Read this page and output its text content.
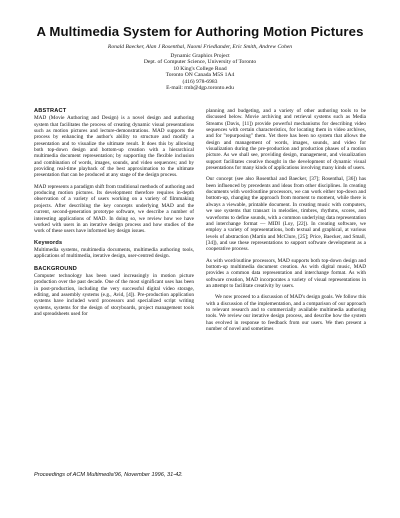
A Multimedia System for Authoring Motion Pictures
Ronald Baecker, Alan J Rosenthal, Naomi Friedlander, Eric Smith, Andrew Cohen
Dynamic Graphics Project
Dept. of Computer Science, University of Toronto
10 King's College Road
Toronto ON Canada M5S 1A4
(416) 978-6983
E-mail: rmb@dgp.toronto.edu
ABSTRACT
MAD (Movie Authoring and Design) is a novel design and authoring system that facilitates the process of creating dynamic visual presentations such as motion pictures and lecture-demonstrations. MAD supports the process by enhancing the author's ability to structure and modify a presentation and to visualize the ultimate result. It does this by allowing both top-down design and bottom-up creation with a hierarchical multimedia document representation; by supporting the flexible inclusion and combination of words, images, sounds, and video sequences; and by providing real-time playback of the best approximation to the ultimate presentation that can be produced at any stage of the design process.
MAD represents a paradigm shift from traditional methods of authoring and producing motion pictures. Its development therefore requires in-depth observation of a variety of users working on a variety of filmmaking projects. After describing the key concepts underlying MAD and the current, second-generation prototype software, we describe a number of interesting applications of MAD. In doing so, we review how we have worked with users in an iterative design process and how studies of the work of these users have informed key design issues.
Keywords
Multimedia systems, multimedia documents, multimedia authoring tools, applications of multimedia, iterative design, user-centred design.
BACKGROUND
Computer technology has been used increasingly in motion picture production over the past decade. One of the most significant uses has been in post-production, including the very successful digital video storage, editing, and assembly systems (e.g., Avid, [4]). Pre-production application systems have included word processors and specialized script writing systems, systems for the design of storyboards, project management tools and spreadsheets used for
planning and budgeting, and a variety of other authoring tools to be discussed below. Movie archiving and retrieval systems such as Media Streams (Davis, [11]) provide powerful mechanisms for describing video sequences with certain characteristics, for locating them in video archives, and for "repurposing" them. Yet there has been no system that allows the design and management of words, images, sounds, and video for visualization during the pre-production and production phases of a motion picture. As we shall see, providing design, management, and visualization support facilitates creative thought in the development of dynamic visual presentations for many kinds of applications involving many kinds of users.
Our concept (see also Rosenthal and Baecker, [37]; Rosenthal, [36]) has been influenced by precedents and ideas from other disciplines. In creating documents with word/outline processors, we can work either top-down and bottom-up, changing the approach from moment to moment, while there is always a viewable, printable document. In creating music with computers, we use systems that transact in melodies, timbres, rhythms, scores, and waveforms to define sounds, with a common underlying data representation and interchange format — MIDI (Loy, [22]). In creating software, we employ a variety of representations, both textual and graphical, at various levels of abstraction (Martin and McClure, [25]; Price, Baecker, and Small, [34]), and use these representations to support software development as a cooperative process.
As with word/outline processors, MAD supports both top-down design and bottom-up multimedia document creation. As with digital music, MAD provides a common data representation and interchange format. As with software creation, MAD incorporates a variety of visual representations in an attempt to facilitate creativity by users.
We now proceed to a discussion of MAD's design goals. We follow this with a discussion of the implementation, and a comparison of our approach to relevant research and to commercially available multimedia authoring tools. We review our iterative design process, and describe how the system has evolved in response to feedback from our users. We then present a number of novel and sometimes
Proceedings of ACM Multimedia'96, November 1996, 31-42.
